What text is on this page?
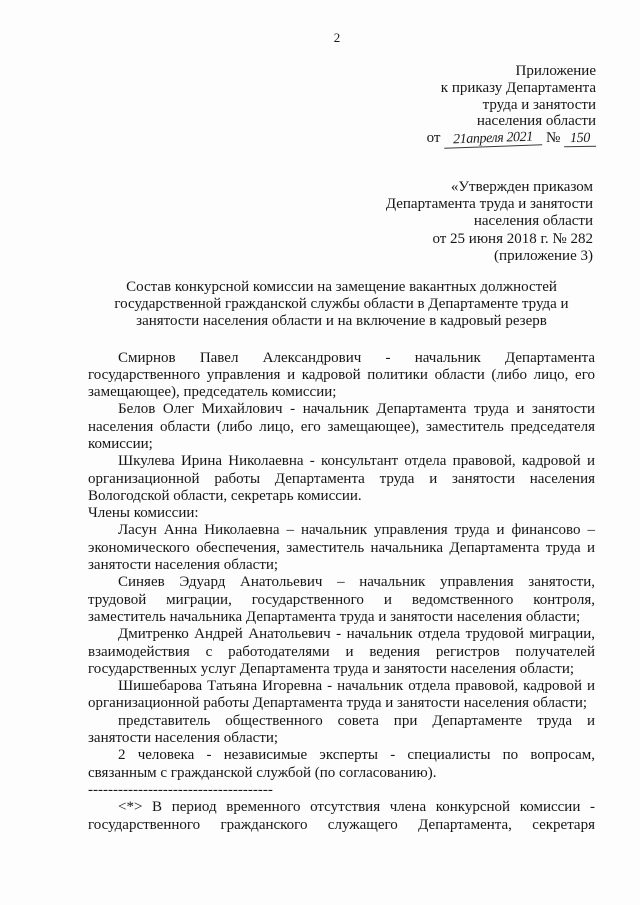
2
Приложение
к приказу Департамента
труда и занятости
населения области
от 21апреля 2021 № 150
«Утвержден приказом
Департамента труда и занятости
населения области
от 25 июня 2018 г. № 282
(приложение 3)
Состав конкурсной комиссии на замещение вакантных должностей
государственной гражданской службы области в Департаменте труда и
занятости населения области и на включение в кадровый резерв
Смирнов Павел Александрович - начальник Департамента
государственного управления и кадровой политики области (либо лицо, его
замещающее), председатель комиссии;
Белов Олег Михайлович - начальник Департамента труда и занятости
населения области (либо лицо, его замещающее), заместитель председателя
комиссии;
Шкулева Ирина Николаевна - консультант отдела правовой, кадровой и
организационной работы Департамента труда и занятости населения
Вологодской области, секретарь комиссии.
Члены комиссии:
Ласун Анна Николаевна – начальник управления труда и финансово –
экономического обеспечения, заместитель начальника Департамента труда и
занятости населения области;
Синяев Эдуард Анатольевич – начальник управления занятости,
трудовой миграции, государственного и ведомственного контроля,
заместитель начальника Департамента труда и занятости населения области;
Дмитренко Андрей Анатольевич - начальник отдела трудовой миграции,
взаимодействия с работодателями и ведения регистров получателей
государственных услуг Департамента труда и занятости населения области;
Шишебарова Татьяна Игоревна - начальник отдела правовой, кадровой и
организационной работы Департамента труда и занятости населения области;
представитель общественного совета при Департаменте труда и
занятости населения области;
2 человека - независимые эксперты - специалисты по вопросам,
связанным с гражданской службой (по согласованию).
-------------------------------------
<*> В период временного отсутствия члена конкурсной комиссии -
государственного гражданского служащего Департамента, секретаря
